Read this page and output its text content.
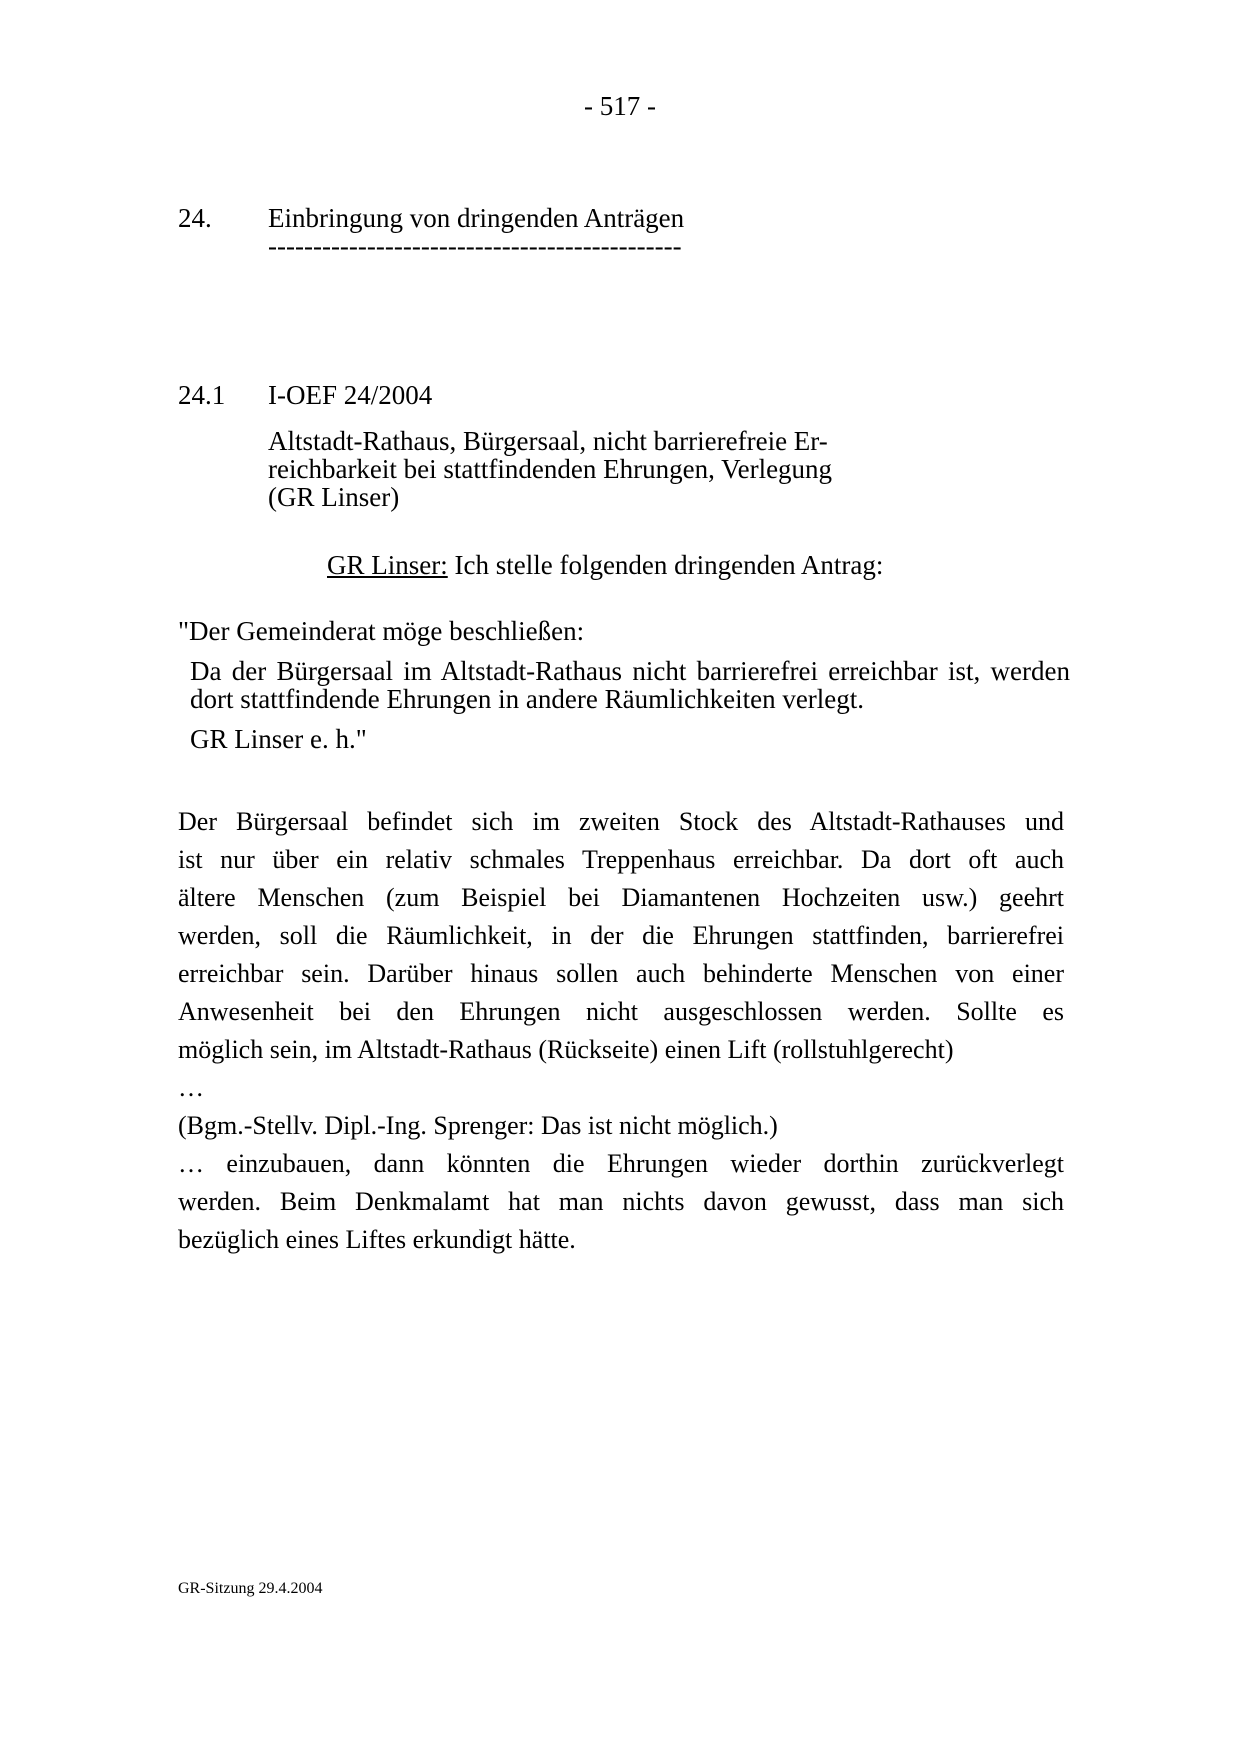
- 517 -
24. Einbringung von dringenden Anträgen
----------------------------------------------
24.1 I-OEF 24/2004
Altstadt-Rathaus, Bürgersaal, nicht barrierefreie Er-
reichbarkeit bei stattfindenden Ehrungen, Verlegung
(GR Linser)
GR Linser: Ich stelle folgenden dringenden Antrag:
"Der Gemeinderat möge beschließen:
Da der Bürgersaal im Altstadt-Rathaus nicht barrierefrei erreichbar ist, werden dort stattfindende Ehrungen in andere Räumlichkeiten verlegt.
GR Linser e. h."
Der Bürgersaal befindet sich im zweiten Stock des Altstadt-Rathauses und
ist nur über ein relativ schmales Treppenhaus erreichbar. Da dort oft auch
ältere Menschen (zum Beispiel bei Diamantenen Hochzeiten usw.) geehrt
werden, soll die Räumlichkeit, in der die Ehrungen stattfinden, barrierefrei
erreichbar sein. Darüber hinaus sollen auch behinderte Menschen von einer
Anwesenheit bei den Ehrungen nicht ausgeschlossen werden. Sollte es
möglich sein, im Altstadt-Rathaus (Rückseite) einen Lift (rollstuhlgerecht)
…
(Bgm.-Stellv. Dipl.-Ing. Sprenger: Das ist nicht möglich.)
… einzubauen, dann könnten die Ehrungen wieder dorthin zurückverlegt
werden. Beim Denkmalamt hat man nichts davon gewusst, dass man sich
bezüglich eines Liftes erkundigt hätte.
GR-Sitzung 29.4.2004
